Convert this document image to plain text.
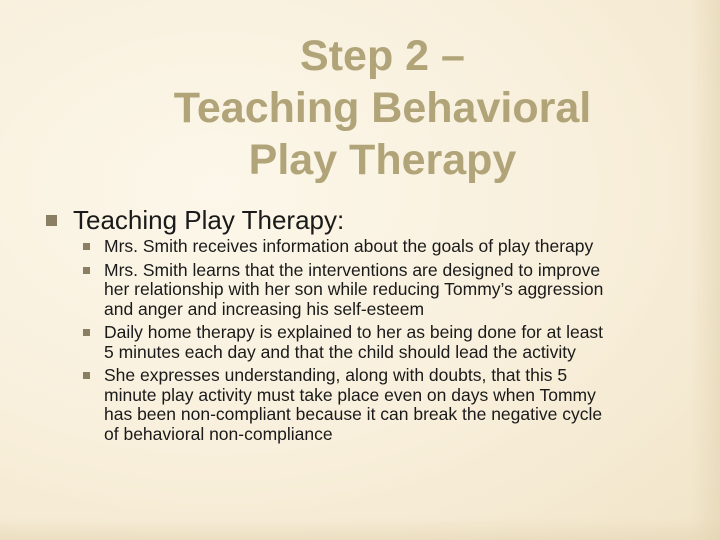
Step 2 –
Teaching Behavioral
Play Therapy
Teaching Play Therapy:
Mrs. Smith receives information about the goals of play therapy
Mrs. Smith learns that the interventions are designed to improve
her relationship with her son while reducing Tommy’s aggression
and anger and increasing his self-esteem
Daily home therapy is explained to her as being done for at least
5 minutes each day and that the child should lead the activity
She expresses understanding, along with doubts, that this 5
minute play activity must take place even on days when Tommy
has been non-compliant because it can break the negative cycle
of behavioral non-compliance
